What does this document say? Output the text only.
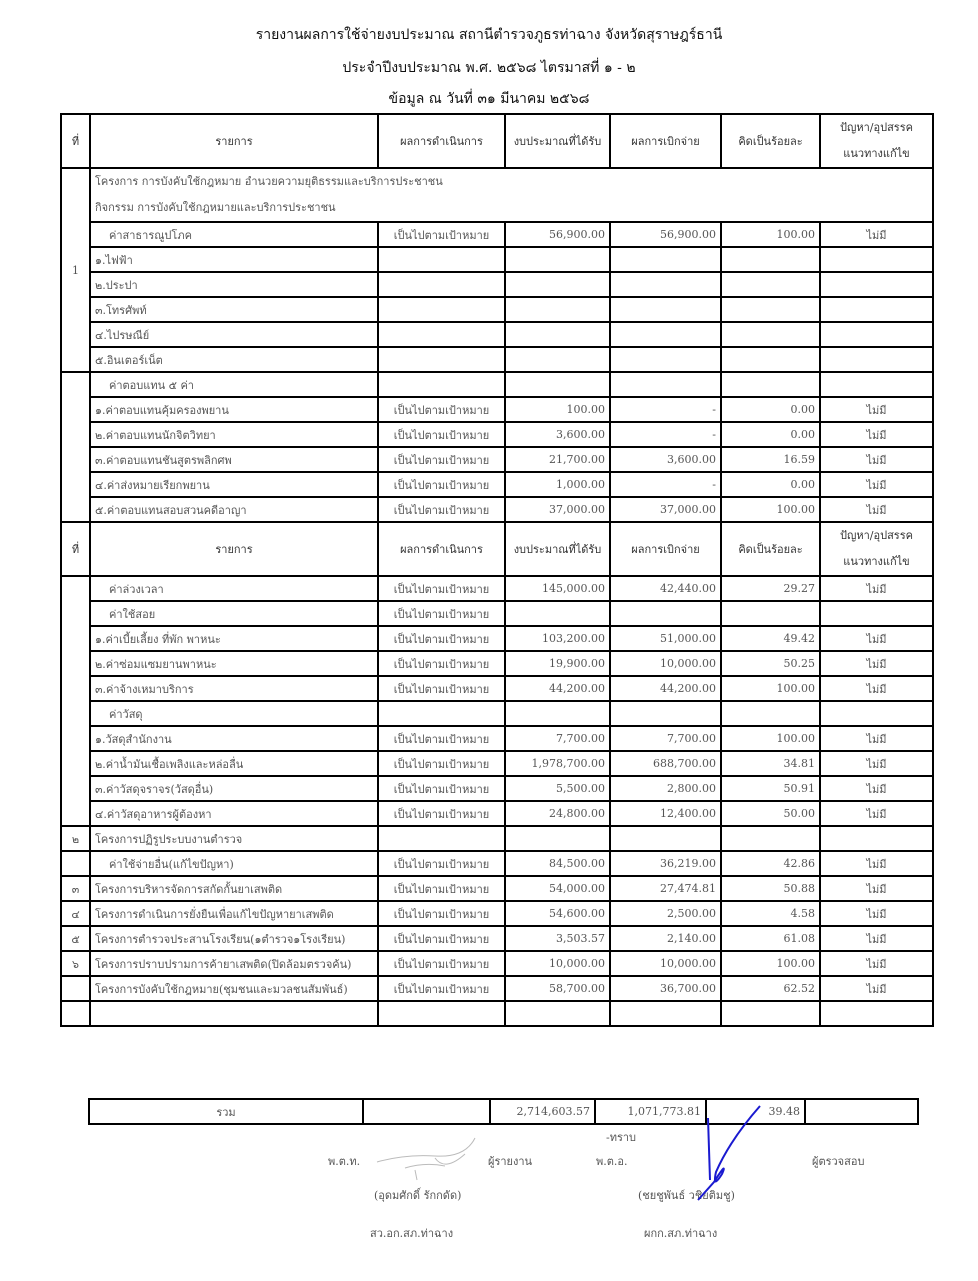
รายงานผลการใช้จ่ายงบประมาณ สถานีตำรวจภูธรท่าฉาง จังหวัดสุราษฎร์ธานี
ประจำปีงบประมาณ พ.ศ. ๒๕๖๘ ไตรมาสที่ ๑ - ๒
ข้อมูล ณ วันที่ ๓๑ มีนาคม ๒๕๖๘
ที่	รายการ	ผลการดำเนินการ	งบประมาณที่ได้รับ	ผลการเบิกจ่าย	คิดเป็นร้อยละ	ปัญหา/อุปสรรค
แนวทางแก้ไข
1	โครงการ การบังคับใช้กฎหมาย อำนวยความยุติธรรมและบริการประชาชน
กิจกรรม การบังคับใช้กฎหมายและบริการประชาชน					
	ค่าสาธารณูปโภค	เป็นไปตามเป้าหมาย	56,900.00	56,900.00	100.00	ไม่มี
	๑.ไฟฟ้า					
	๒.ประปา					
	๓.โทรศัพท์					
	๔.ไปรษณีย์					
	๕.อินเตอร์เน็ต					
	ค่าตอบแทน ๕ ค่า					
	๑.ค่าตอบแทนคุ้มครองพยาน	เป็นไปตามเป้าหมาย	100.00	-	0.00	ไม่มี
	๒.ค่าตอบแทนนักจิตวิทยา	เป็นไปตามเป้าหมาย	3,600.00	-	0.00	ไม่มี
	๓.ค่าตอบแทนชันสูตรพลิกศพ	เป็นไปตามเป้าหมาย	21,700.00	3,600.00	16.59	ไม่มี
	๔.ค่าส่งหมายเรียกพยาน	เป็นไปตามเป้าหมาย	1,000.00	-	0.00	ไม่มี
	๕.ค่าตอบแทนสอบสวนคดีอาญา	เป็นไปตามเป้าหมาย	37,000.00	37,000.00	100.00	ไม่มี
ที่	รายการ	ผลการดำเนินการ	งบประมาณที่ได้รับ	ผลการเบิกจ่าย	คิดเป็นร้อยละ	ปัญหา/อุปสรรค
แนวทางแก้ไข
	ค่าล่วงเวลา	เป็นไปตามเป้าหมาย	145,000.00	42,440.00	29.27	ไม่มี
	ค่าใช้สอย	เป็นไปตามเป้าหมาย				
	๑.ค่าเบี้ยเลี้ยง ที่พัก พาหนะ	เป็นไปตามเป้าหมาย	103,200.00	51,000.00	49.42	ไม่มี
	๒.ค่าซ่อมแซมยานพาหนะ	เป็นไปตามเป้าหมาย	19,900.00	10,000.00	50.25	ไม่มี
	๓.ค่าจ้างเหมาบริการ	เป็นไปตามเป้าหมาย	44,200.00	44,200.00	100.00	ไม่มี
	ค่าวัสดุ					
	๑.วัสดุสำนักงาน	เป็นไปตามเป้าหมาย	7,700.00	7,700.00	100.00	ไม่มี
	๒.ค่าน้ำมันเชื้อเพลิงและหล่อลื่น	เป็นไปตามเป้าหมาย	1,978,700.00	688,700.00	34.81	ไม่มี
	๓.ค่าวัสดุจราจร(วัสดุอื่น)	เป็นไปตามเป้าหมาย	5,500.00	2,800.00	50.91	ไม่มี
	๔.ค่าวัสดุอาหารผู้ต้องหา	เป็นไปตามเป้าหมาย	24,800.00	12,400.00	50.00	ไม่มี
๒	โครงการปฏิรูประบบงานตำรวจ					
	ค่าใช้จ่ายอื่น(แก้ไขปัญหา)	เป็นไปตามเป้าหมาย	84,500.00	36,219.00	42.86	ไม่มี
๓	โครงการบริหารจัดการสกัดกั้นยาเสพติด	เป็นไปตามเป้าหมาย	54,000.00	27,474.81	50.88	ไม่มี
๔	โครงการดำเนินการยั่งยืนเพื่อแก้ไขปัญหายาเสพติด	เป็นไปตามเป้าหมาย	54,600.00	2,500.00	4.58	ไม่มี
๕	โครงการตำรวจประสานโรงเรียน(๑ตำรวจ๑โรงเรียน)	เป็นไปตามเป้าหมาย	3,503.57	2,140.00	61.08	ไม่มี
๖	โครงการปราบปรามการค้ายาเสพติด(ปิดล้อมตรวจค้น)	เป็นไปตามเป้าหมาย	10,000.00	10,000.00	100.00	ไม่มี
	โครงการบังคับใช้กฎหมาย(ชุมชนและมวลชนสัมพันธ์)	เป็นไปตามเป้าหมาย	58,700.00	36,700.00	62.52	ไม่มี

รวม		2,714,603.57	1,071,773.81	39.48	
-ทราบ
พ.ต.ท.	ผู้รายงาน
(อุดมศักดิ์ รักกดัด)
สว.อก.สภ.ท่าฉาง
พ.ต.อ.	ผู้ตรวจสอบ
(ชยชูพันธ์ วชิยติมชู)
ผกก.สภ.ท่าฉาง
